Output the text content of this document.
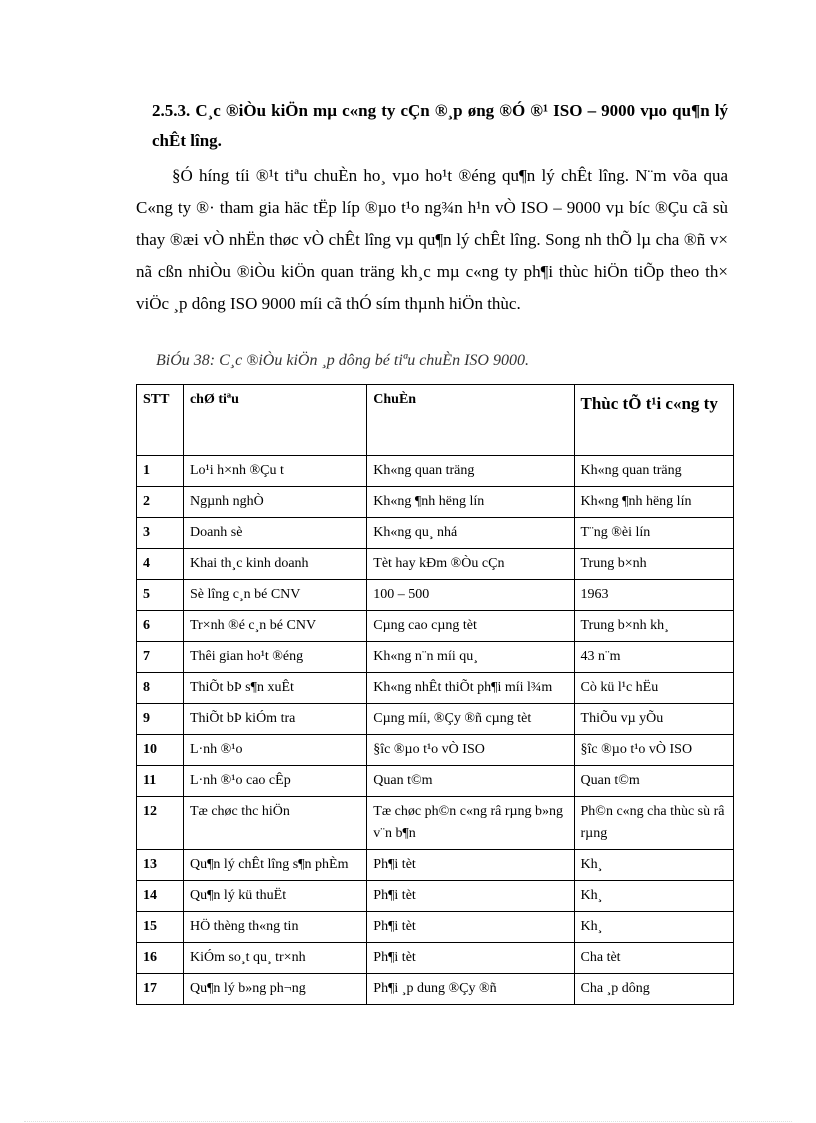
2.5.3. C¸c ®iÒu kiÖn mµ c«ng ty cÇn ®¸p øng ®Ó ®¹ ISO – 9000 vµo qu¶n lý chÊt lîng.
§Ó híng tíi ®¹t tiªu chuÈn ho¸ vµo ho¹t ®éng qu¶n lý chÊt lîng. N¨m võa qua C«ng ty ®· tham gia häc tËp líp ®µo t¹o ng¾n h¹n vÒ ISO – 9000 vµ bíc ®Çu cã sù thay ®æi vÒ nhËn thøc vÒ chÊt lîng vµ qu¶n lý chÊt lîng. Song nh thÕ lµ cha ®ñ v× nã cßn nhiÒu ®iÒu kiÖn quan träng kh¸c mµ c«ng ty ph¶i thùc hiÖn tiÕp theo th× viÖc ¸p dông ISO 9000 míi cã thÓ sím thµnh hiÖn thùc.
BiÓu 38: C¸c ®iÒu kiÖn ¸p dông bé tiªu chuÈn ISO 9000.
STT	chØ tiªu	ChuÈn	Thùc tÕ t¹i c«ng ty
1	Lo¹i h×nh ®Çu t	Kh«ng quan träng	Kh«ng quan träng
2	Ngµnh nghÒ	Kh«ng ¶nh hëng lín	Kh«ng ¶nh hëng lín
3	Doanh sè	Kh«ng qu¸ nhá	T¨ng ®èi lín
4	Khai th¸c kinh doanh	Tèt hay kÐm ®Òu cÇn	Trung b×nh
5	Sè lîng c¸n bé CNV	100 – 500	1963
6	Tr×nh ®é c¸n bé CNV	Cµng cao cµng tèt	Trung b×nh kh¸
7	Thêi gian ho¹t ®éng	Kh«ng n¨n míi qu¸	43 n¨m
8	ThiÕt bÞ s¶n xuÊt	Kh«ng nhÊt thiÕt ph¶i míi l¾m	Cò kü l¹c hËu
9	ThiÕt bÞ kiÓm tra	Cµng míi, ®Çy ®ñ cµng tèt	ThiÕu vµ yÕu
10	L·nh ®¹o	§îc ®µo t¹o vÒ ISO	§îc ®µo t¹o vÒ ISO
11	L·nh ®¹o cao cÊp	Quan t©m	Quan t©m
12	Tæ chøc thc hiÖn	Tæ chøc ph©n c«ng râ rµng b»ng v¨n b¶n	Ph©n c«ng cha thùc sù râ rµng
13	Qu¶n lý chÊt lîng s¶n phÈm	Ph¶i tèt	Kh¸
14	Qu¶n lý kü thuËt	Ph¶i tèt	Kh¸
15	HÖ thèng th«ng tin	Ph¶i tèt	Kh¸
16	KiÓm so¸t qu¸ tr×nh	Ph¶i tèt	Cha tèt
17	Qu¶n lý b»ng ph¬ng	Ph¶i ¸p dung ®Çy ®ñ	Cha ¸p dông
